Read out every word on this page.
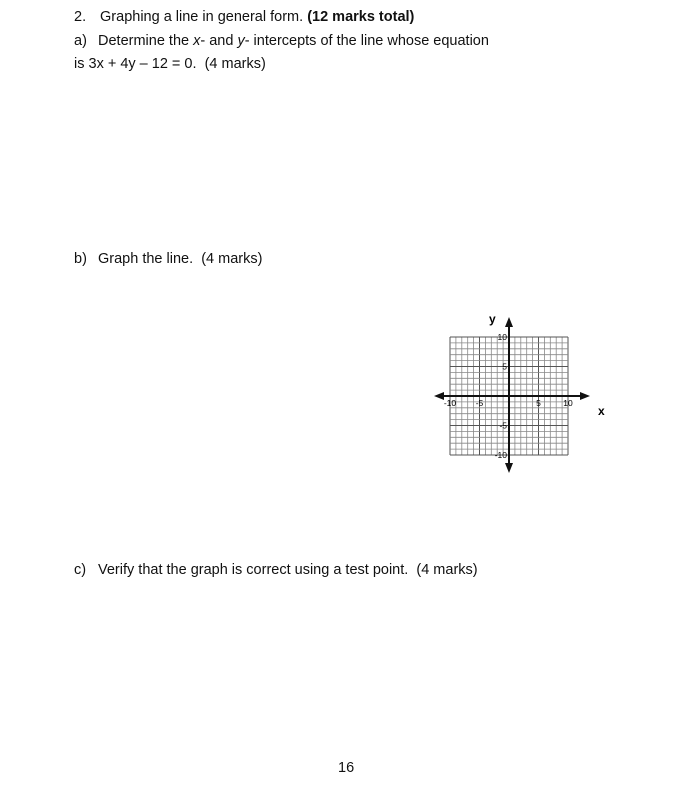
2. Graphing a line in general form. (12 marks total)
a) Determine the x- and y- intercepts of the line whose equation
is 3x + 4y – 12 = 0. (4 marks)
b) Graph the line. (4 marks)
x
y
-10 -5	5	10
10
5
-5
-10
c) Verify that the graph is correct using a test point. (4 marks)
16
